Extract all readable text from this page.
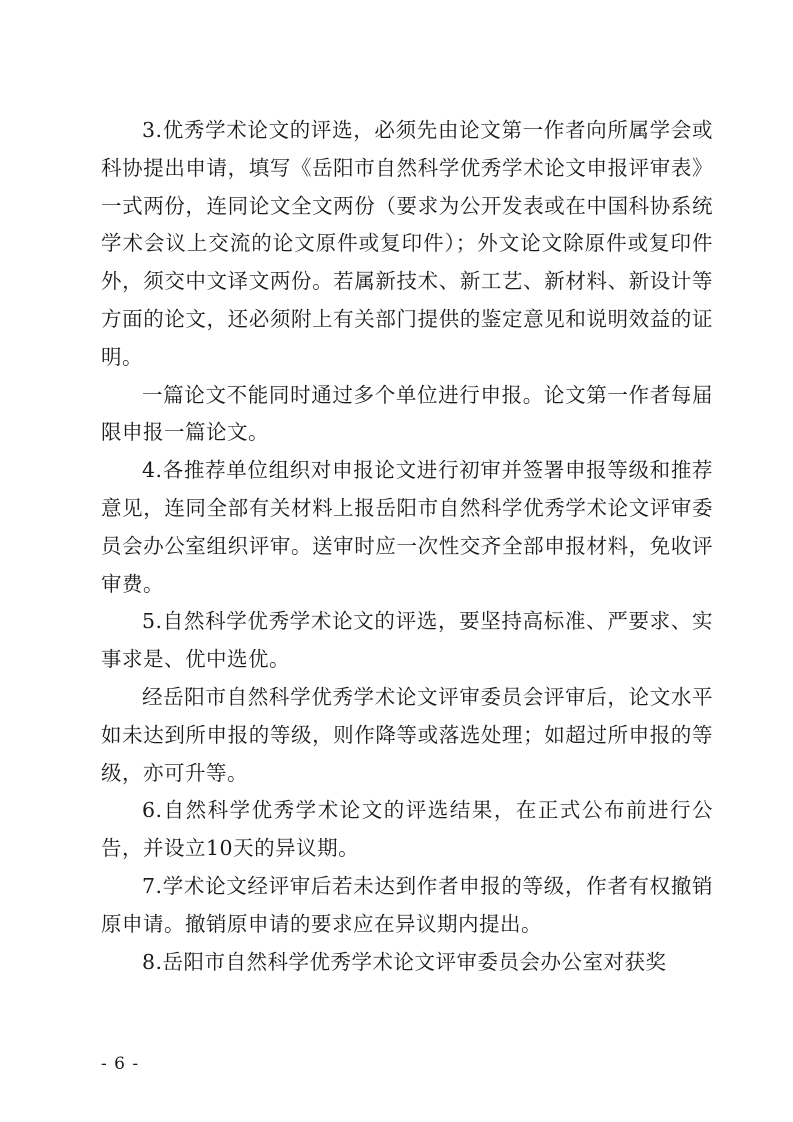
3.优秀学术论文的评选，必须先由论文第一作者向所属学会或科协提出申请，填写《岳阳市自然科学优秀学术论文申报评审表》一式两份，连同论文全文两份（要求为公开发表或在中国科协系统学术会议上交流的论文原件或复印件）；外文论文除原件或复印件外，须交中文译文两份。若属新技术、新工艺、新材料、新设计等方面的论文，还必须附上有关部门提供的鉴定意见和说明效益的证明。

一篇论文不能同时通过多个单位进行申报。论文第一作者每届限申报一篇论文。

4.各推荐单位组织对申报论文进行初审并签署申报等级和推荐意见，连同全部有关材料上报岳阳市自然科学优秀学术论文评审委员会办公室组织评审。送审时应一次性交齐全部申报材料，免收评审费。

5.自然科学优秀学术论文的评选，要坚持高标准、严要求、实事求是、优中选优。

经岳阳市自然科学优秀学术论文评审委员会评审后，论文水平如未达到所申报的等级，则作降等或落选处理；如超过所申报的等级，亦可升等。

6.自然科学优秀学术论文的评选结果，在正式公布前进行公告，并设立10天的异议期。

7.学术论文经评审后若未达到作者申报的等级，作者有权撤销原申请。撤销原申请的要求应在异议期内提出。

8.岳阳市自然科学优秀学术论文评审委员会办公室对获奖

- 6 -
